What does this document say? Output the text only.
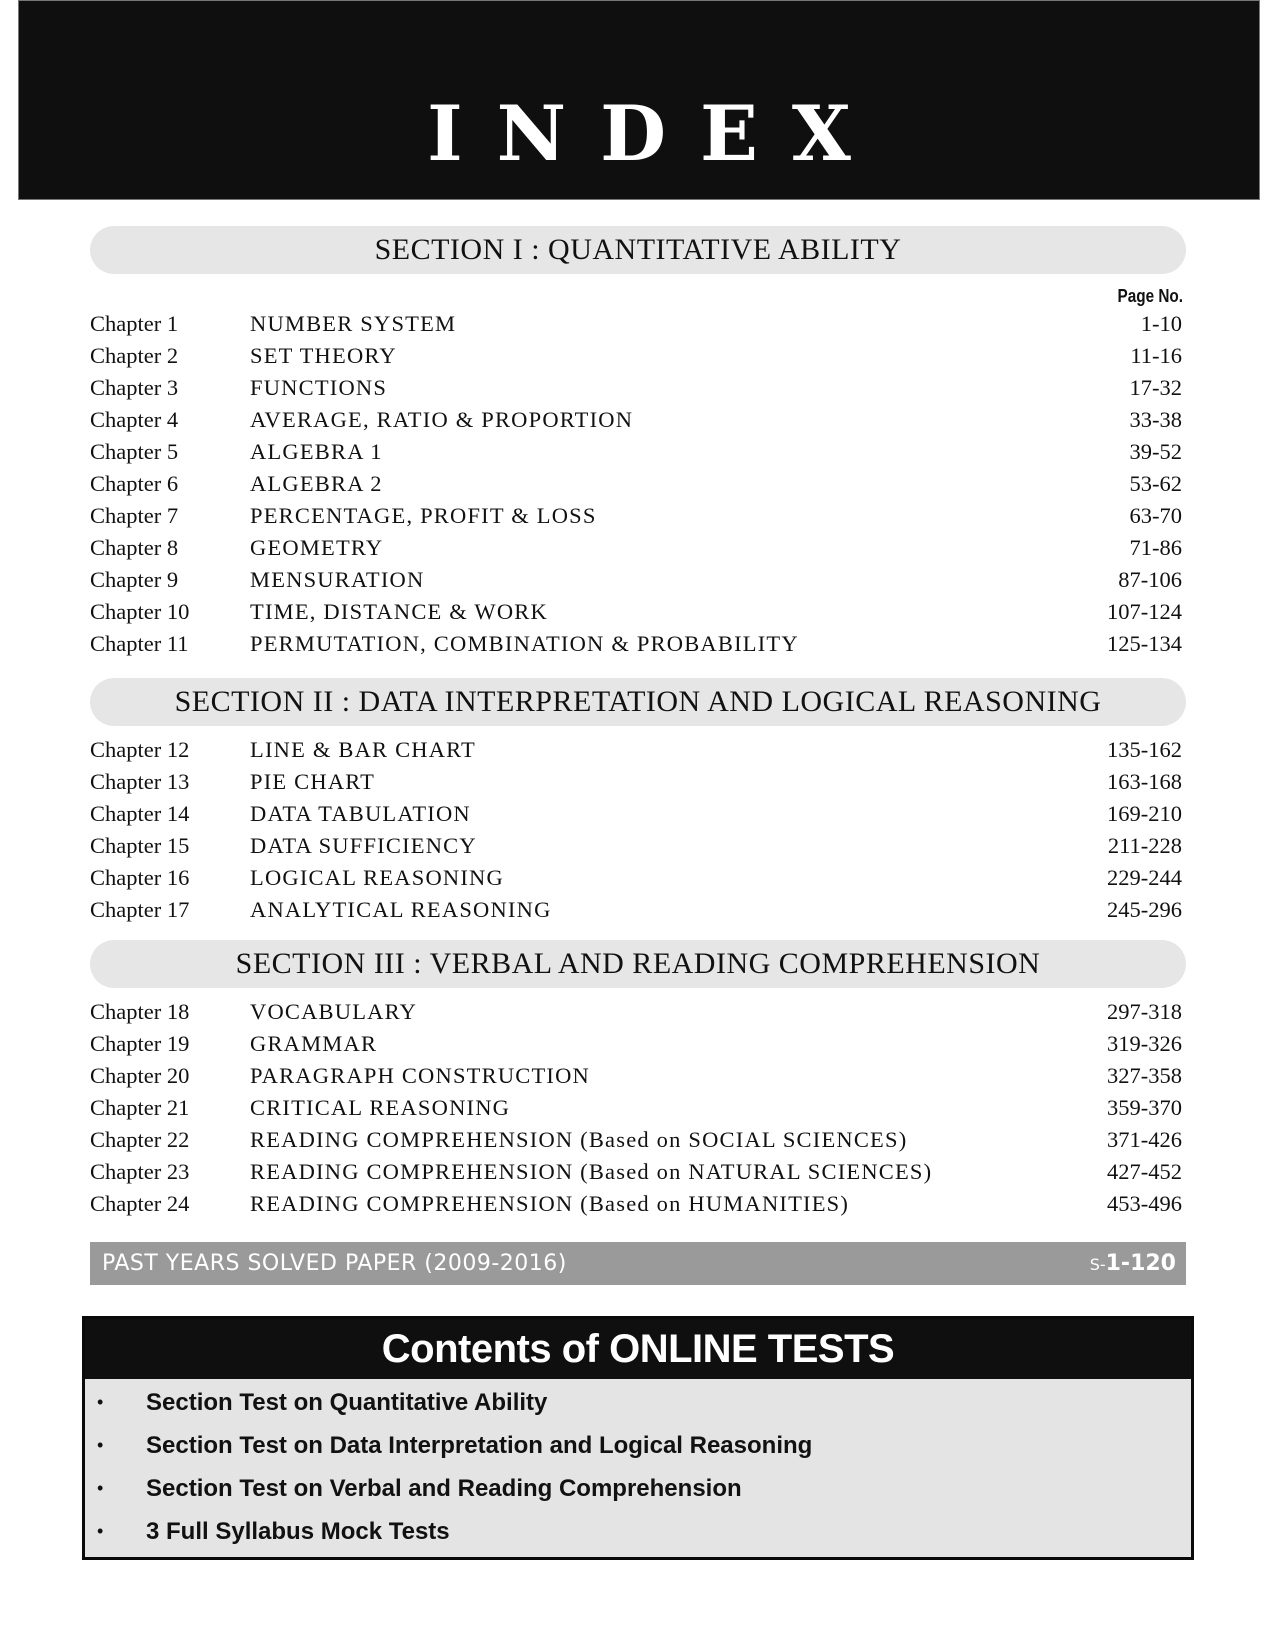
INDEX
SECTION I : QUANTITATIVE ABILITY
Page No.
Chapter 1	NUMBER SYSTEM	1-10
Chapter 2	SET THEORY	11-16
Chapter 3	FUNCTIONS	17-32
Chapter 4	AVERAGE, RATIO & PROPORTION	33-38
Chapter 5	ALGEBRA 1	39-52
Chapter 6	ALGEBRA 2	53-62
Chapter 7	PERCENTAGE, PROFIT & LOSS	63-70
Chapter 8	GEOMETRY	71-86
Chapter 9	MENSURATION	87-106
Chapter 10	TIME, DISTANCE & WORK	107-124
Chapter 11	PERMUTATION, COMBINATION & PROBABILITY	125-134
SECTION II : DATA INTERPRETATION AND LOGICAL REASONING
Chapter 12	LINE & BAR CHART	135-162
Chapter 13	PIE CHART	163-168
Chapter 14	DATA TABULATION	169-210
Chapter 15	DATA SUFFICIENCY	211-228
Chapter 16	LOGICAL REASONING	229-244
Chapter 17	ANALYTICAL REASONING	245-296
SECTION III : VERBAL AND READING COMPREHENSION
Chapter 18	VOCABULARY	297-318
Chapter 19	GRAMMAR	319-326
Chapter 20	PARAGRAPH CONSTRUCTION	327-358
Chapter 21	CRITICAL REASONING	359-370
Chapter 22	READING COMPREHENSION (Based on SOCIAL SCIENCES)	371-426
Chapter 23	READING COMPREHENSION (Based on NATURAL SCIENCES)	427-452
Chapter 24	READING COMPREHENSION (Based on HUMANITIES)	453-496
PAST YEARS SOLVED PAPER (2009-2016)	S-1-120
Contents of ONLINE TESTS
• Section Test on Quantitative Ability
• Section Test on Data Interpretation and Logical Reasoning
• Section Test on Verbal and Reading Comprehension
• 3 Full Syllabus Mock Tests
